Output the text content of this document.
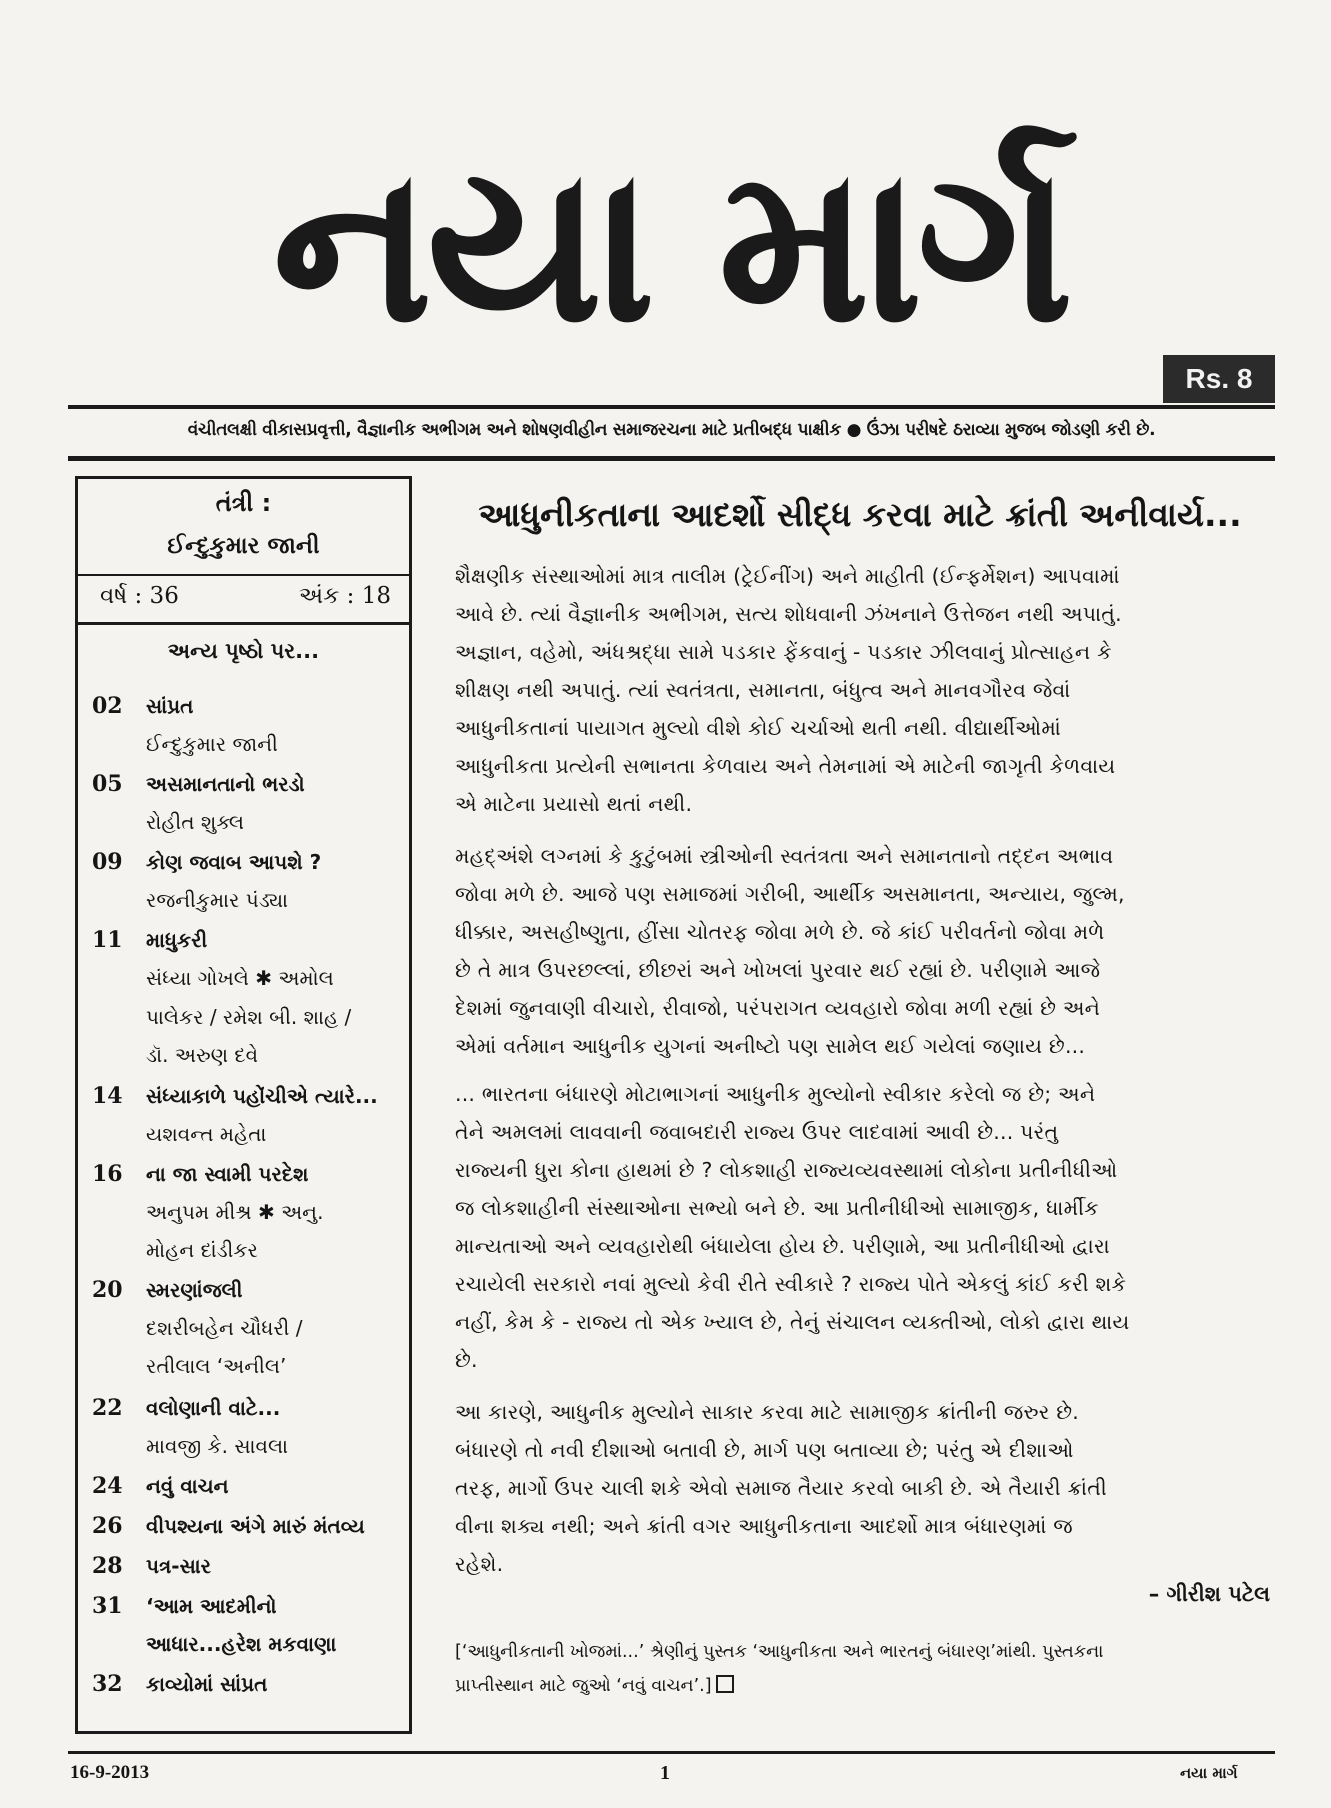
નયા માર્ગ
Rs. 8
વંચીતલક્ષી વીકાસપ્રવૃત્તી, વૈજ્ઞાનીક અભીગમ અને શોષણવીહીન સમાજરચના માટે પ્રતીબદ્ધ પાક્ષીક ● ઉંઝા પરીષદે ઠરાવ્યા મુજબ જોડણી કરી છે.
તંત્રી :
ઈન્દુકુમાર જાની
વર્ષ : 36	અંક : 18
અન્ય પૃષ્ઠો પર...
02	સાંપ્રત
ઈન્દુકુમાર જાની
05	અસમાનતાનો ભરડો
રોહીત શુક્લ
09	કોણ જવાબ આપશે ?
રજનીકુમાર પંડ્યા
11	માધુકરી
સંધ્યા ગોખલે ✱ અમોલ
પાલેકર / રમેશ બી. શાહ /
ડૉ. અરુણ દવે
14	સંધ્યાકાળે પહોંચીએ ત્યારે...
યશવન્ત મહેતા
16	ના જા સ્વામી પરદેશ
અનુપમ મીશ્ર ✱ અનુ.
મોહન દાંડીકર
20	સ્મરણાંજલી
દશરીબહેન ચૌધરી /
રતીલાલ ‘અનીલ’
22	વલોણાની વાટે...
માવજી કે. સાવલા
24	નવું વાચન
26	વીપશ્યના અંગે મારું મંતવ્ય
28	પત્ર-સાર
31	‘આમ આદમીનો
આધાર...હરેશ મકવાણા
32	કાવ્યોમાં સાંપ્રત
આધુનીકતાના આદર્શો સીદ્ધ કરવા માટે ક્રાંતી અનીવાર્ય...
શૈક્ષણીક સંસ્થાઓમાં માત્ર તાલીમ (ટ્રેઈનીંગ) અને માહીતી (ઈન્ફર્મેશન) આપવામાં
આવે છે. ત્યાં વૈજ્ઞાનીક અભીગમ, સત્ય શોધવાની ઝંખનાને ઉત્તેજન નથી અપાતું.
અજ્ઞાન, વહેમો, અંધશ્રદ્ધા સામે પડકાર ફેંકવાનું - પડકાર ઝીલવાનું પ્રોત્સાહન કે
શીક્ષણ નથી અપાતું. ત્યાં સ્વતંત્રતા, સમાનતા, બંધુત્વ અને માનવગૌરવ જેવાં
આધુનીકતાનાં પાયાગત મુલ્યો વીશે કોઈ ચર્ચાઓ થતી નથી. વીદ્યાર્થીઓમાં
આધુનીકતા પ્રત્યેની સભાનતા કેળવાય અને તેમનામાં એ માટેની જાગૃતી કેળવાય
એ માટેના પ્રયાસો થતાં નથી.
મહદ્અંશે લગ્નમાં કે કુટુંબમાં સ્ત્રીઓની સ્વતંત્રતા અને સમાનતાનો તદ્દન અભાવ
જોવા મળે છે. આજે પણ સમાજમાં ગરીબી, આર્થીક અસમાનતા, અન્યાય, જુલ્મ,
ધીક્કાર, અસહીષ્ણુતા, હીંસા ચોતરફ જોવા મળે છે. જે કાંઈ પરીવર્તનો જોવા મળે
છે તે માત્ર ઉપરછલ્લાં, છીછરાં અને ખોખલાં પુરવાર થઈ રહ્યાં છે. પરીણામે આજે
દેશમાં જુનવાણી વીચારો, રીવાજો, પરંપરાગત વ્યવહારો જોવા મળી રહ્યાં છે અને
એમાં વર્તમાન આધુનીક યુગનાં અનીષ્ટો પણ સામેલ થઈ ગયેલાં જણાય છે...
... ભારતના બંધારણે મોટાભાગનાં આધુનીક મુલ્યોનો સ્વીકાર કરેલો જ છે; અને
તેને અમલમાં લાવવાની જવાબદારી રાજ્ય ઉપર લાદવામાં આવી છે... પરંતુ
રાજ્યની ધુરા કોના હાથમાં છે ? લોકશાહી રાજ્યવ્યવસ્થામાં લોકોના પ્રતીનીધીઓ
જ લોકશાહીની સંસ્થાઓના સભ્યો બને છે. આ પ્રતીનીધીઓ સામાજીક, ધાર્મીક
માન્યતાઓ અને વ્યવહારોથી બંધાયેલા હોય છે. પરીણામે, આ પ્રતીનીધીઓ દ્વારા
રચાયેલી સરકારો નવાં મુલ્યો કેવી રીતે સ્વીકારે ? રાજ્ય પોતે એકલું કાંઈ કરી શકે
નહીં, કેમ કે - રાજ્ય તો એક ખ્યાલ છે, તેનું સંચાલન વ્યક્તીઓ, લોકો દ્વારા થાય
છે.
આ કારણે, આધુનીક મુલ્યોને સાકાર કરવા માટે સામાજીક ક્રાંતીની જરુર છે.
બંધારણે તો નવી દીશાઓ બતાવી છે, માર્ગ પણ બતાવ્યા છે; પરંતુ એ દીશાઓ
તરફ, માર્ગો ઉપર ચાલી શકે એવો સમાજ તૈયાર કરવો બાકી છે. એ તૈયારી ક્રાંતી
વીના શક્ય નથી; અને ક્રાંતી વગર આધુનીકતાના આદર્શો માત્ર બંધારણમાં જ
રહેશે.
– ગીરીશ પટેલ
[‘આધુનીકતાની ખોજમાં...’ શ્રેણીનું પુસ્તક ‘આધુનીકતા અને ભારતનું બંધારણ’માંથી. પુસ્તકના
પ્રાપ્તીસ્થાન માટે જુઓ ‘નવું વાચન’.]
16-9-2013	1	નયા માર્ગ
